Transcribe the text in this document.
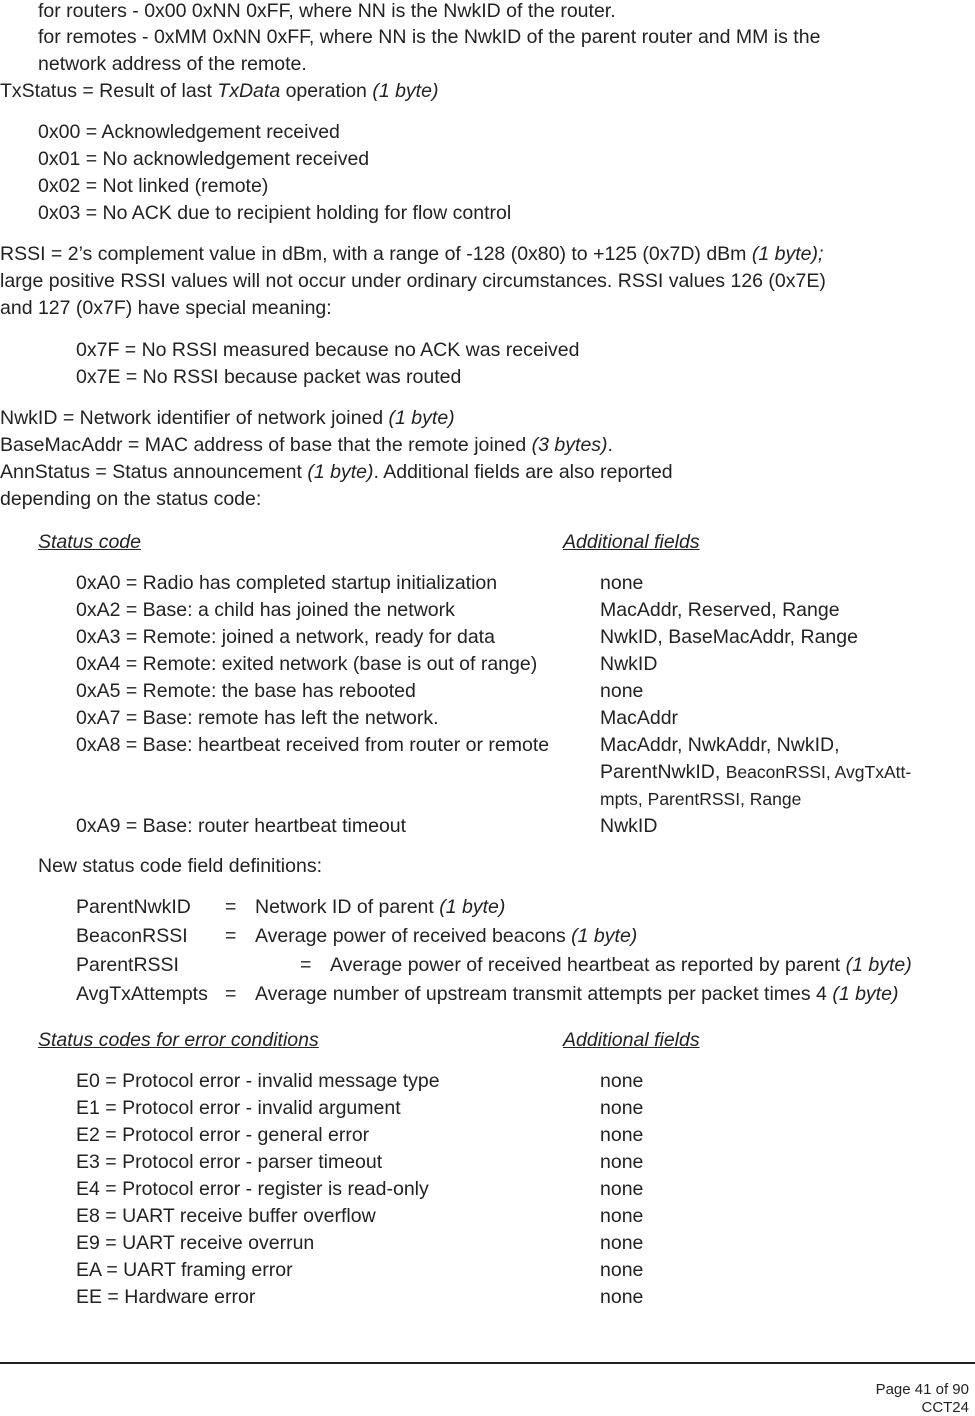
for routers - 0x00 0xNN 0xFF, where NN is the NwkID of the router.
for remotes - 0xMM 0xNN 0xFF, where NN is the NwkID of the parent router and MM is the
network address of the remote.
TxStatus = Result of last TxData operation (1 byte)
0x00 = Acknowledgement received
0x01 = No acknowledgement received
0x02 = Not linked (remote)
0x03 = No ACK due to recipient holding for flow control
RSSI = 2’s complement value in dBm, with a range of -128 (0x80) to +125 (0x7D) dBm (1 byte);
large positive RSSI values will not occur under ordinary circumstances. RSSI values 126 (0x7E)
and 127 (0x7F) have special meaning:
0x7F = No RSSI measured because no ACK was received
0x7E = No RSSI because packet was routed
NwkID = Network identifier of network joined (1 byte)
BaseMacAddr = MAC address of base that the remote joined (3 bytes).
AnnStatus = Status announcement (1 byte). Additional fields are also reported
depending on the status code:
Status code	Additional fields
0xA0 = Radio has completed startup initialization	none
0xA2 = Base: a child has joined the network	MacAddr, Reserved, Range
0xA3 = Remote: joined a network, ready for data	NwkID, BaseMacAddr, Range
0xA4 = Remote: exited network (base is out of range)	NwkID
0xA5 = Remote: the base has rebooted	none
0xA7 = Base: remote has left the network.	MacAddr
0xA8 = Base: heartbeat received from router or remote	MacAddr, NwkAddr, NwkID,
ParentNwkID, BeaconRSSI, AvgTxAtt-
mpts, ParentRSSI, Range
0xA9 = Base: router heartbeat timeout	NwkID
New status code field definitions:
ParentNwkID = Network ID of parent (1 byte)
BeaconRSSI = Average power of received beacons (1 byte)
ParentRSSI	= Average power of received heartbeat as reported by parent (1 byte)
AvgTxAttempts = Average number of upstream transmit attempts per packet times 4 (1 byte)
Status codes for error conditions	Additional fields
E0 = Protocol error - invalid message type	none
E1 = Protocol error - invalid argument	none
E2 = Protocol error - general error	none
E3 = Protocol error - parser timeout	none
E4 = Protocol error - register is read-only	none
E8 = UART receive buffer overflow	none
E9 = UART receive overrun	none
EA = UART framing error	none
EE = Hardware error	none
Page 41 of 90
CCT24
